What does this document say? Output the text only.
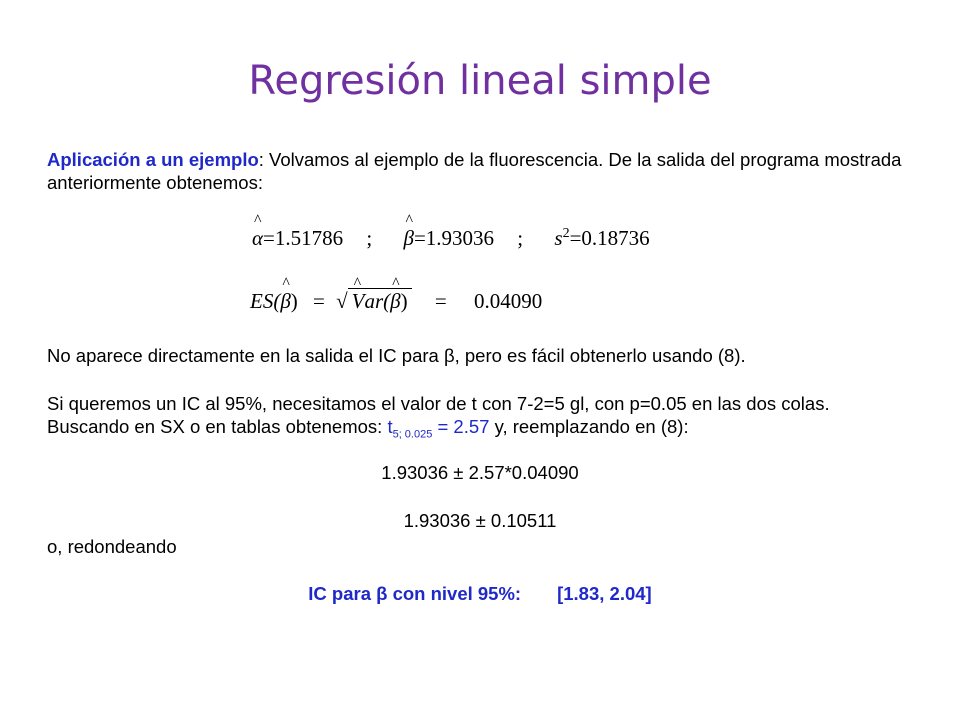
Regresión lineal simple
Aplicación a un ejemplo: Volvamos al ejemplo de la fluorescencia. De la salida del programa mostrada anteriormente obtenemos:
^ α=1.51786 ; ^ β=1.93036 ; $s^2=0.18736$
ES(^ β) = √ ^ Var(^ β) = 0.04090
No aparece directamente en la salida el IC para β, pero es fácil obtenerlo usando (8).
Si queremos un IC al 95%, necesitamos el valor de t con 7-2=5 gl, con p=0.05 en las dos colas.
Buscando en SX o en tablas obtenemos: $t_{5; 0.025} = 2.57$ y, reemplazando en (8):
1.93036 ± 2.57*0.04090
1.93036 ± 0.10511
o, redondeando
IC para β con nivel 95%: [1.83, 2.04]
